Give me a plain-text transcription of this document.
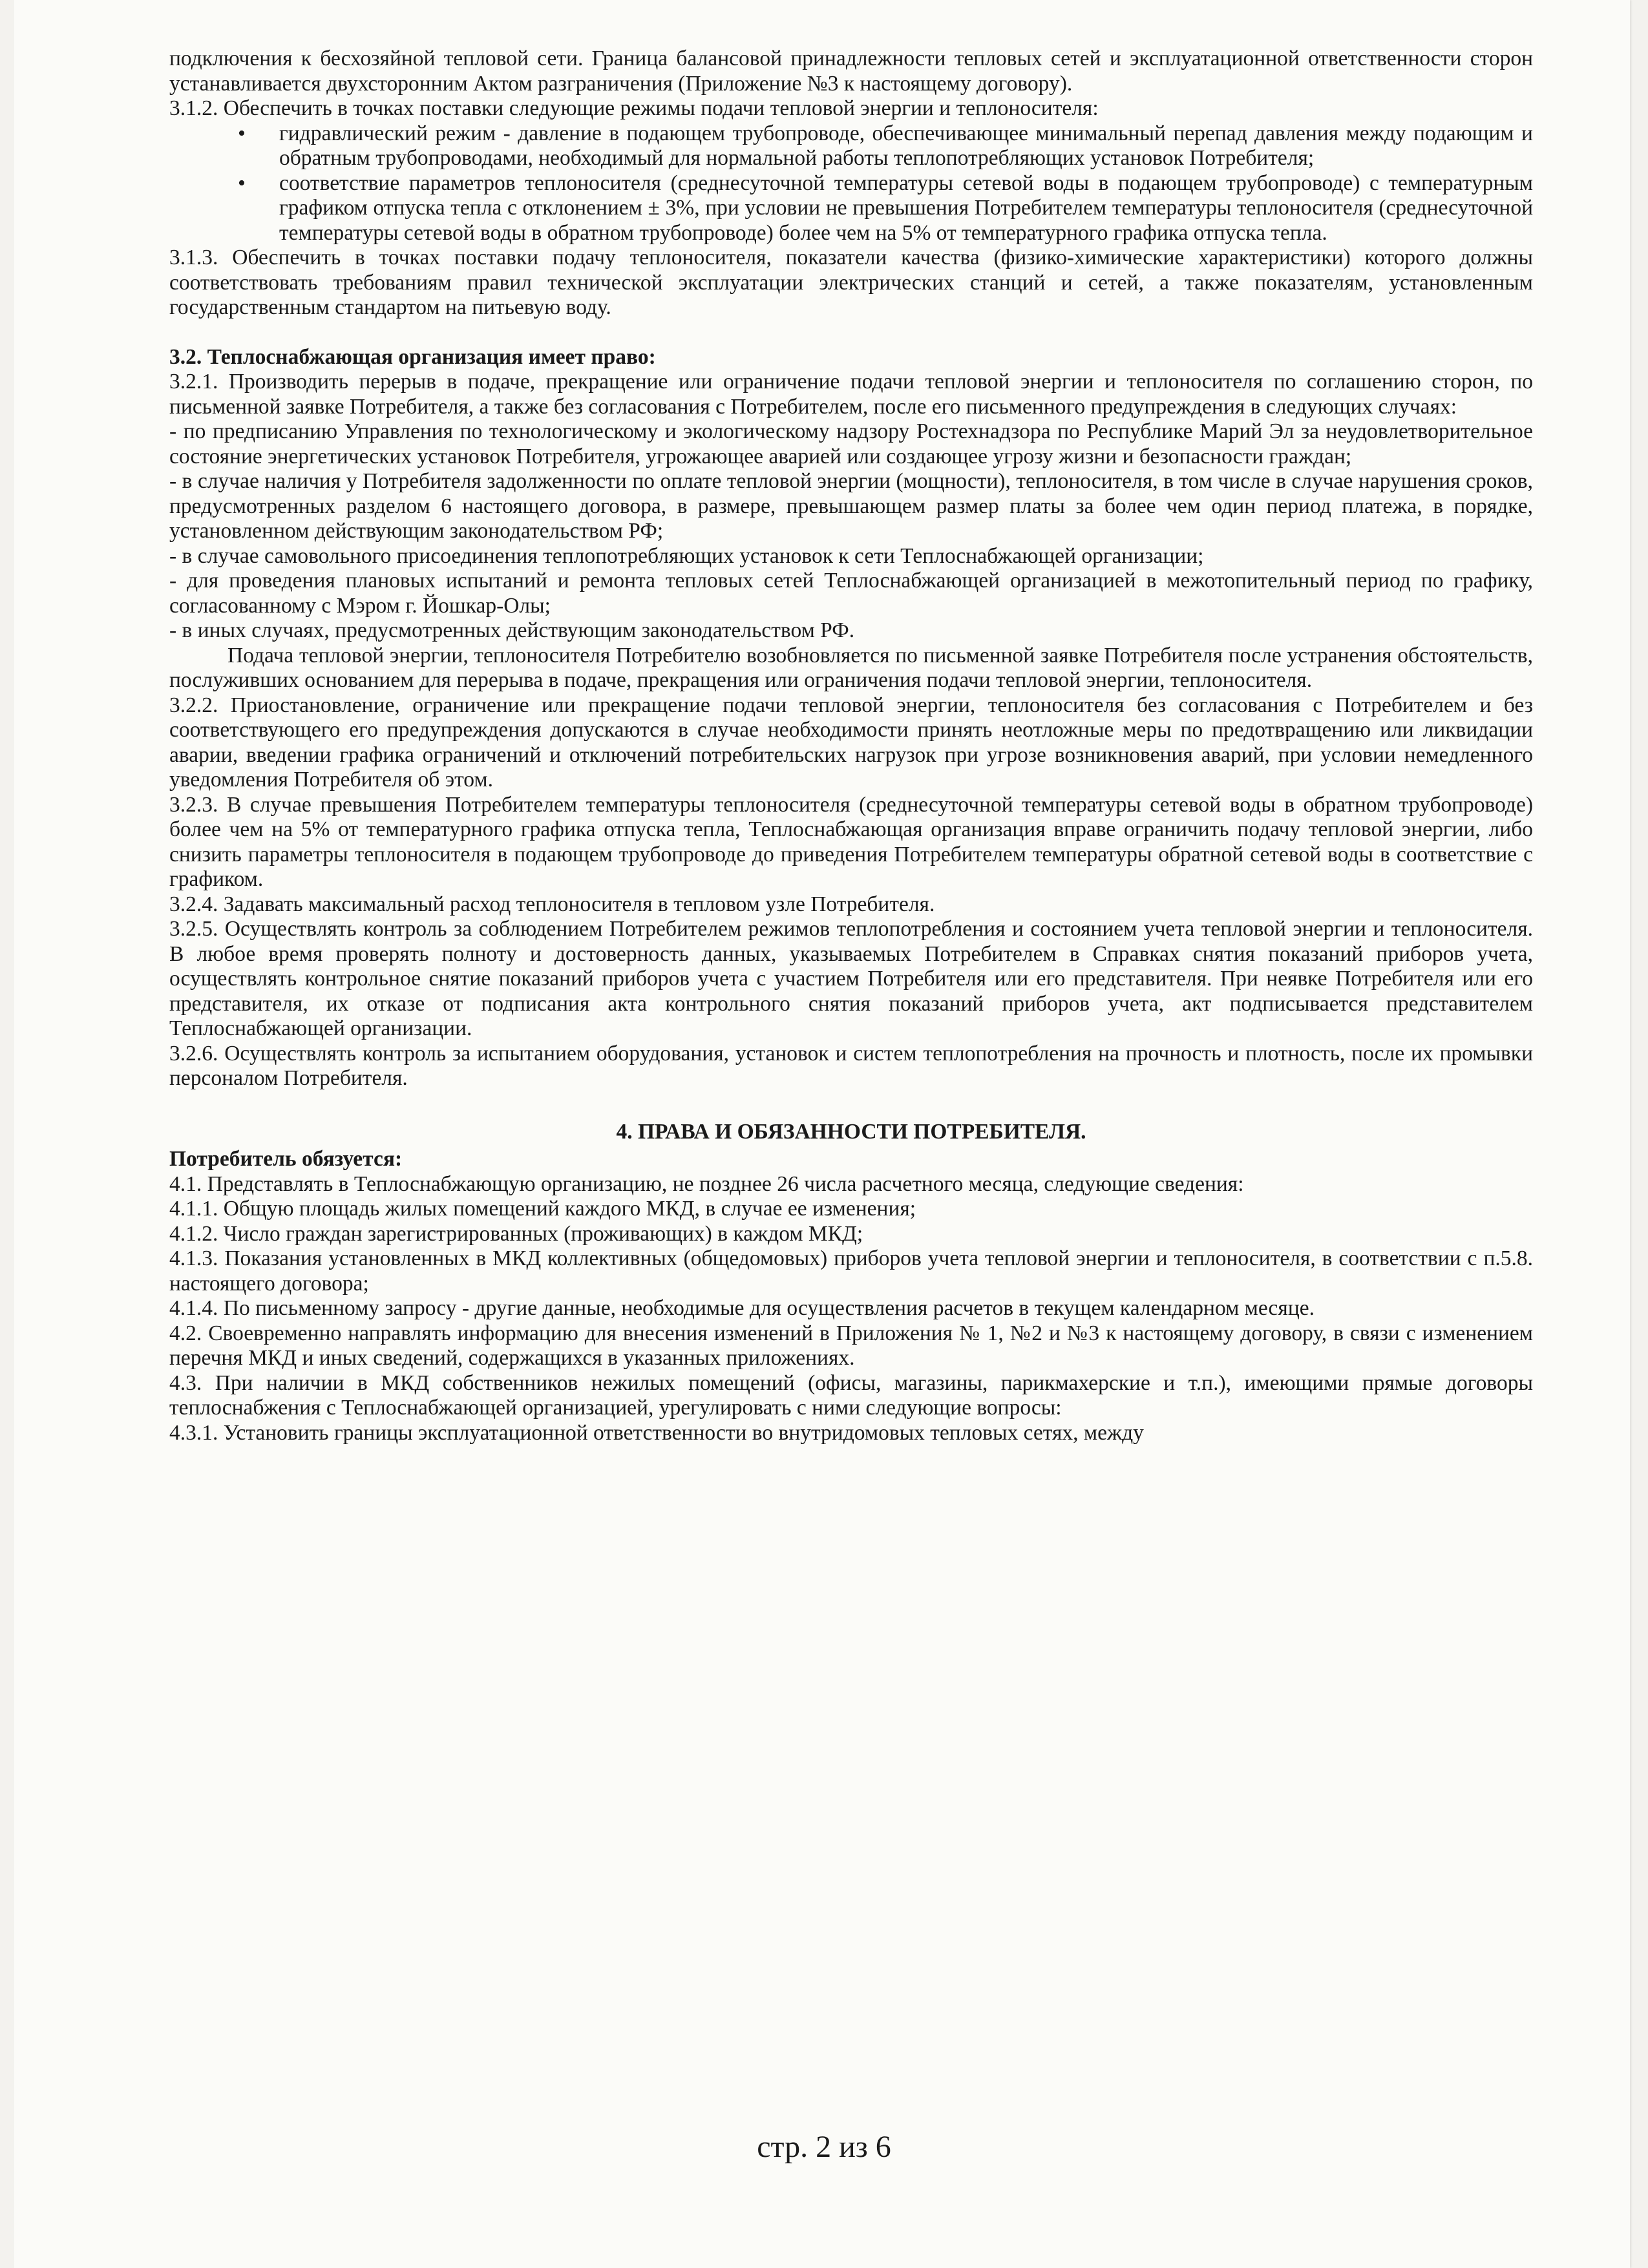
подключения к бесхозяйной тепловой сети. Граница балансовой принадлежности тепловых сетей и эксплуатационной ответственности сторон устанавливается двухсторонним Актом разграничения (Приложение №3 к настоящему договору).

3.1.2. Обеспечить в точках поставки следующие режимы подачи тепловой энергии и теплоносителя:

• гидравлический режим - давление в подающем трубопроводе, обеспечивающее минимальный перепад давления между подающим и обратным трубопроводами, необходимый для нормальной работы теплопотребляющих установок Потребителя;
• соответствие параметров теплоносителя (среднесуточной температуры сетевой воды в подающем трубопроводе) с температурным графиком отпуска тепла с отклонением ± 3%, при условии не превышения Потребителем температуры теплоносителя (среднесуточной температуры сетевой воды в обратном трубопроводе) более чем на 5% от температурного графика отпуска тепла.

3.1.3. Обеспечить в точках поставки подачу теплоносителя, показатели качества (физико-химические характеристики) которого должны соответствовать требованиям правил технической эксплуатации электрических станций и сетей, а также показателям, установленным государственным стандартом на питьевую воду.

3.2. Теплоснабжающая организация имеет право:

3.2.1. Производить перерыв в подаче, прекращение или ограничение подачи тепловой энергии и теплоносителя по соглашению сторон, по письменной заявке Потребителя, а также без согласования с Потребителем, после его письменного предупреждения в следующих случаях:

- по предписанию Управления по технологическому и экологическому надзору Ростехнадзора по Республике Марий Эл за неудовлетворительное состояние энергетических установок Потребителя, угрожающее аварией или создающее угрозу жизни и безопасности граждан;

- в случае наличия у Потребителя задолженности по оплате тепловой энергии (мощности), теплоносителя, в том числе в случае нарушения сроков, предусмотренных разделом 6 настоящего договора, в размере, превышающем размер платы за более чем один период платежа, в порядке, установленном действующим законодательством РФ;

- в случае самовольного присоединения теплопотребляющих установок к сети Теплоснабжающей организации;

- для проведения плановых испытаний и ремонта тепловых сетей Теплоснабжающей организацией в межотопительный период по графику, согласованному с Мэром г. Йошкар-Олы;

- в иных случаях, предусмотренных действующим законодательством РФ.

Подача тепловой энергии, теплоносителя Потребителю возобновляется по письменной заявке Потребителя после устранения обстоятельств, послуживших основанием для перерыва в подаче, прекращения или ограничения подачи тепловой энергии, теплоносителя.

3.2.2. Приостановление, ограничение или прекращение подачи тепловой энергии, теплоносителя без согласования с Потребителем и без соответствующего его предупреждения допускаются в случае необходимости принять неотложные меры по предотвращению или ликвидации аварии, введении графика ограничений и отключений потребительских нагрузок при угрозе возникновения аварий, при условии немедленного уведомления Потребителя об этом.

3.2.3. В случае превышения Потребителем температуры теплоносителя (среднесуточной температуры сетевой воды в обратном трубопроводе) более чем на 5% от температурного графика отпуска тепла, Теплоснабжающая организация вправе ограничить подачу тепловой энергии, либо снизить параметры теплоносителя в подающем трубопроводе до приведения Потребителем температуры обратной сетевой воды в соответствие с графиком.

3.2.4. Задавать максимальный расход теплоносителя в тепловом узле Потребителя.

3.2.5. Осуществлять контроль за соблюдением Потребителем режимов теплопотребления и состоянием учета тепловой энергии и теплоносителя. В любое время проверять полноту и достоверность данных, указываемых Потребителем в Справках снятия показаний приборов учета, осуществлять контрольное снятие показаний приборов учета с участием Потребителя или его представителя. При неявке Потребителя или его представителя, их отказе от подписания акта контрольного снятия показаний приборов учета, акт подписывается представителем Теплоснабжающей организации.

3.2.6. Осуществлять контроль за испытанием оборудования, установок и систем теплопотребления на прочность и плотность, после их промывки персоналом Потребителя.

4. ПРАВА И ОБЯЗАННОСТИ ПОТРЕБИТЕЛЯ.

Потребитель обязуется:

4.1. Представлять в Теплоснабжающую организацию, не позднее 26 числа расчетного месяца, следующие сведения:

4.1.1. Общую площадь жилых помещений каждого МКД, в случае ее изменения;

4.1.2. Число граждан зарегистрированных (проживающих) в каждом МКД;

4.1.3. Показания установленных в МКД коллективных (общедомовых) приборов учета тепловой энергии и теплоносителя, в соответствии с п.5.8. настоящего договора;

4.1.4. По письменному запросу - другие данные, необходимые для осуществления расчетов в текущем календарном месяце.

4.2. Своевременно направлять информацию для внесения изменений в Приложения № 1, №2 и №3 к настоящему договору, в связи с изменением перечня МКД и иных сведений, содержащихся в указанных приложениях.

4.3. При наличии в МКД собственников нежилых помещений (офисы, магазины, парикмахерские и т.п.), имеющими прямые договоры теплоснабжения с Теплоснабжающей организацией, урегулировать с ними следующие вопросы:

4.3.1. Установить границы эксплуатационной ответственности во внутридомовых тепловых сетях, между

стр. 2 из 6
